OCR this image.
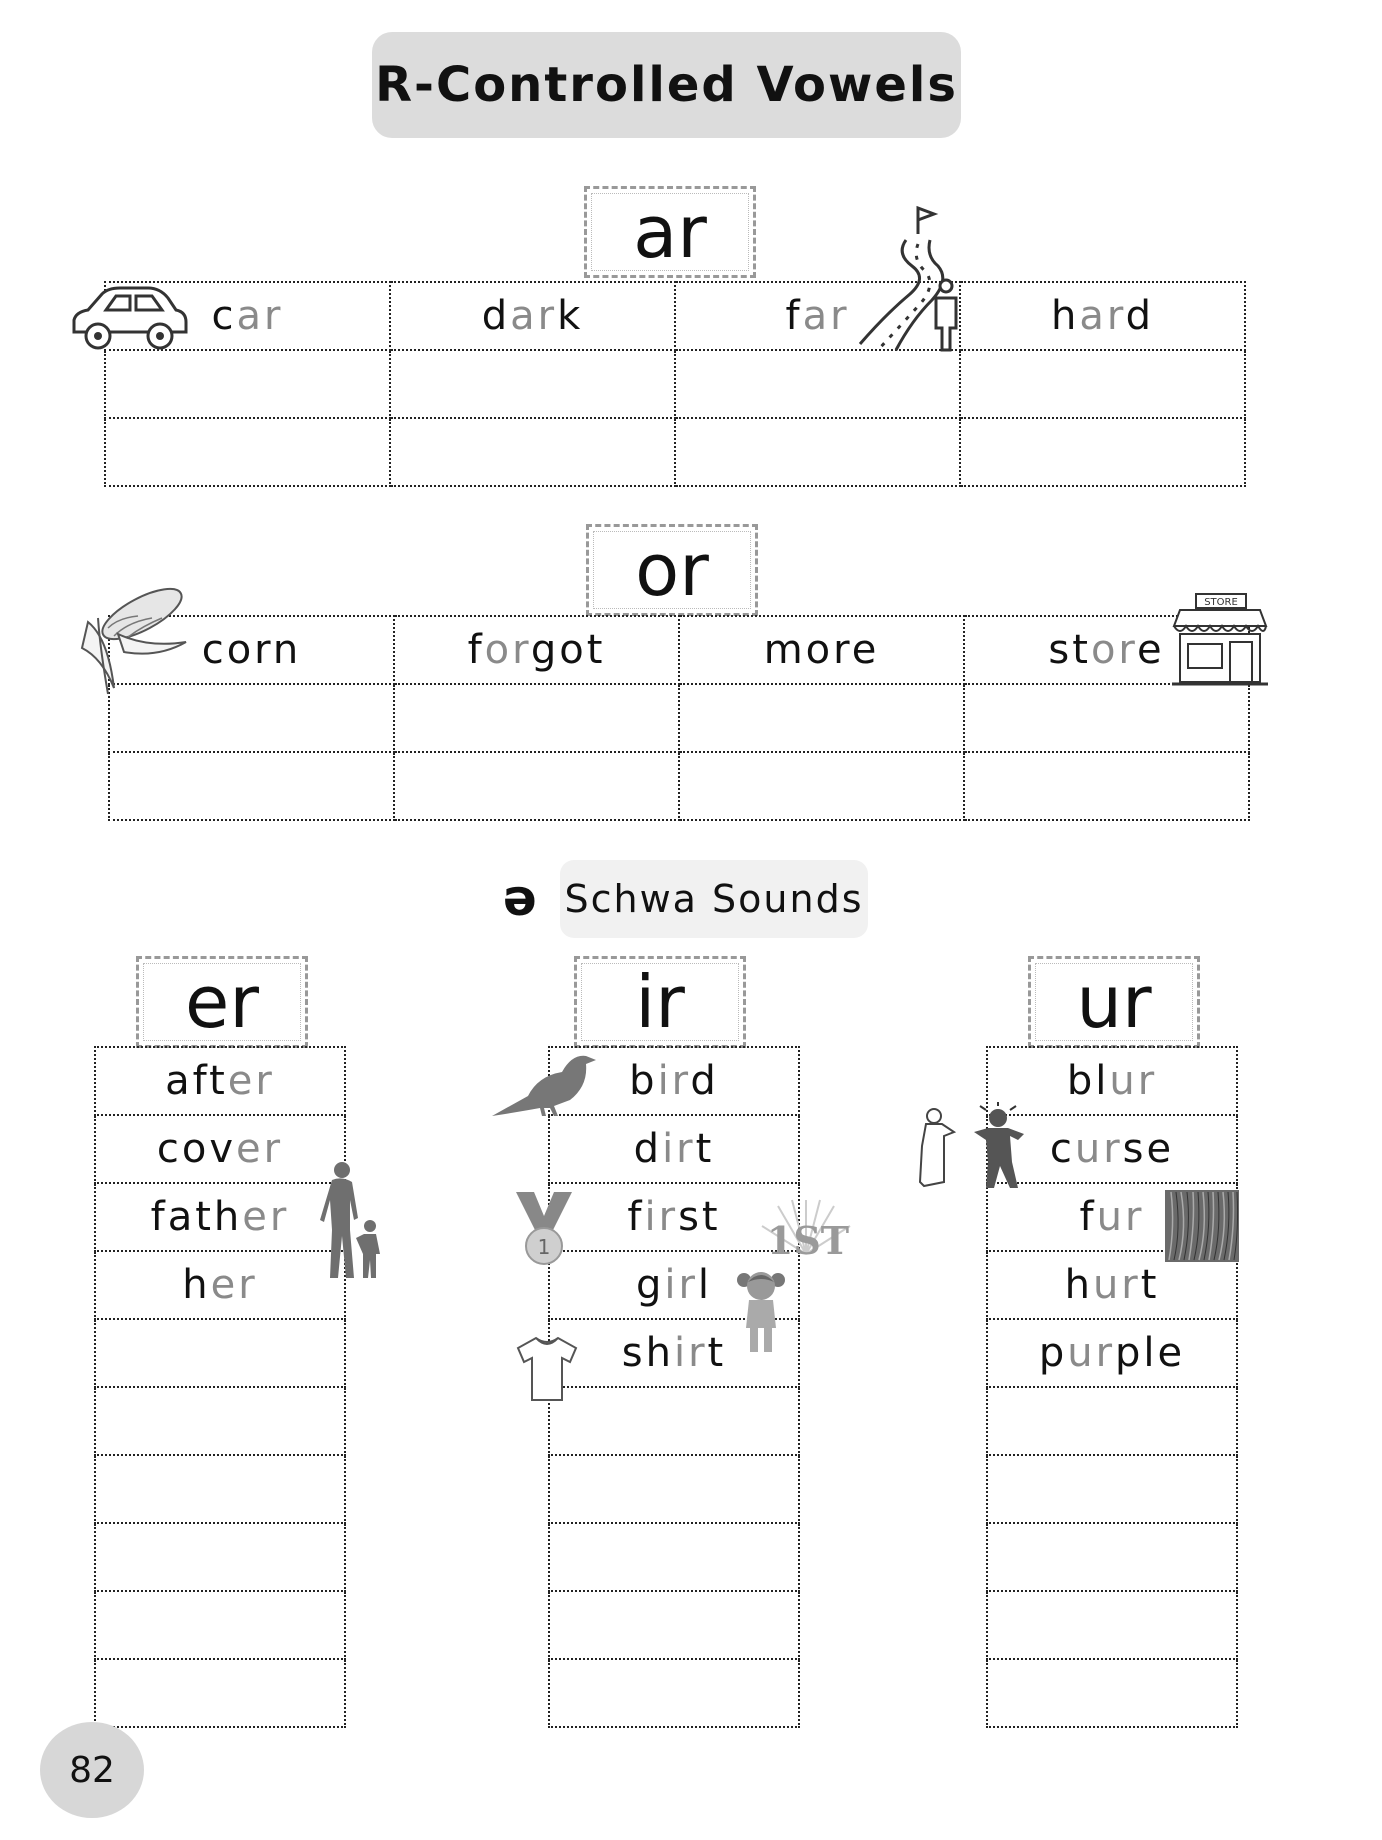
R-Controlled Vowels
ar
car	dark	far	hard

or
corn	forgot	more	store

STORE
ə Schwa Sounds
er
after
cover
father
her

ir
bird
dirt
first
girl
shirt

1	1ST
ur
blur
curse
fur
hurt
purple

82
